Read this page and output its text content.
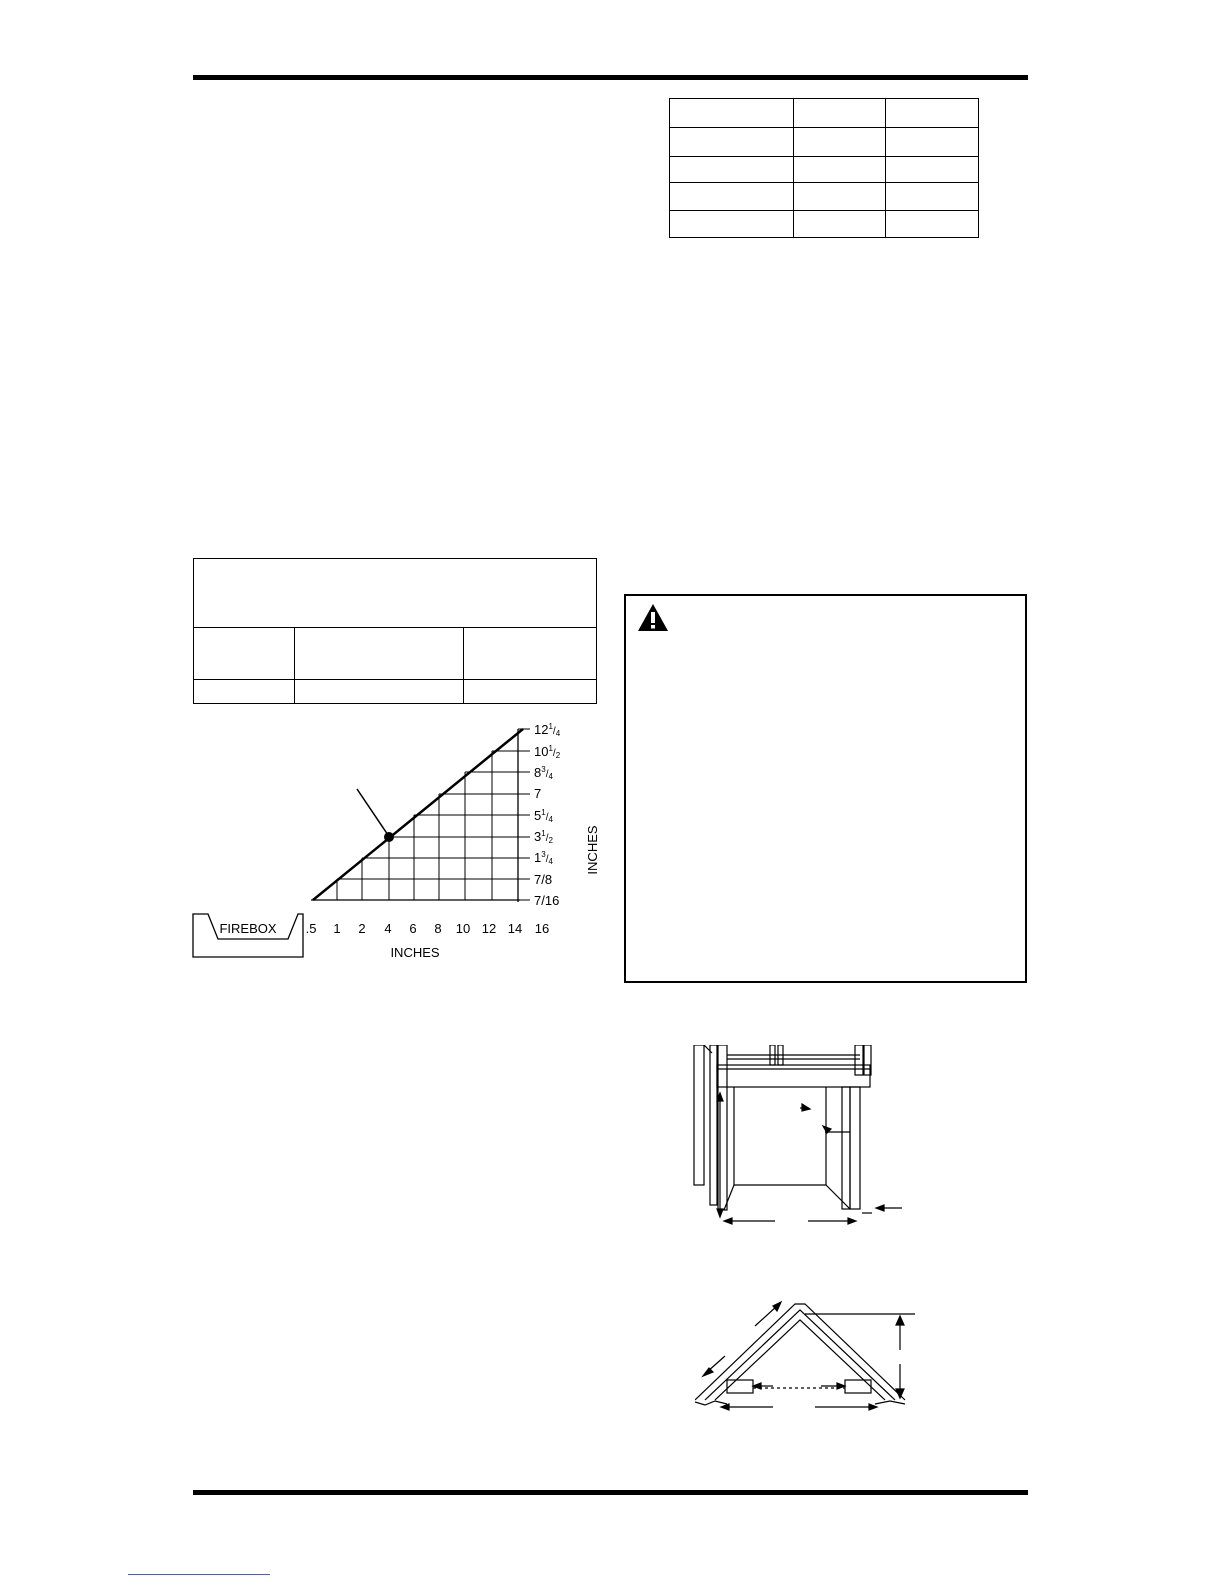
$12^1_/4$
$10^1_/2$
$8^3_/4$
7
$5^1_/4$
$3^1_/2$
$1^3_/4$
7/8
7/16
.5 1 2 4 6 8 10 12 14 16
INCHES
INCHES
FIREBOX
